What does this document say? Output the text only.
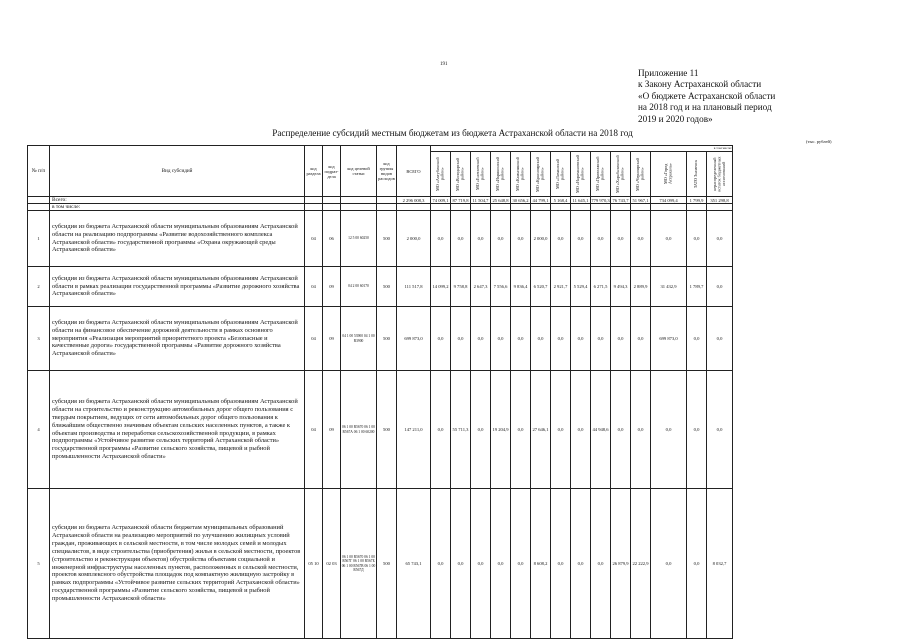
191
Приложение 11
к Закону Астраханской области
«О бюджете Астраханской области
на 2018 год и на плановый период
2019 и 2020 годов»
Распределение субсидий местным бюджетам из бюджета Астраханской области на 2018 год
(тыс. рублей)
№ п/п	Вид субсидий	код раздела	код подраз-дела	код целевой статьи	код группы видов расходов	ВСЕГО	в том числе:													

							МО «Ахтубинский район»	МО «Володарский район»	МО «Енотаевский район»	МО «Икрянинский район»	МО «Камызякский район»	МО «Красноярский район»	МО «Лиманский район»	МО «Наримановский район»	МО «Приволжский район»	МО «Харабалинский район»	МО «Черноярский район»	МО «Город Астрахань»	ЗАТО Знаменск	нераспределенный остаток бюджетных ассигнований

	Всего:					2 296 008,3	74 009,1	87 719,8	11 504,7	25 648,8	30 656,2	44 799,1	5 168,4	11 645,1	779 970,3	76 743,7	51 967,1	734 099,4	1 799,9	351 298,8
	в том числе:																			
1	субсидия из бюджета Астраханской области муниципальным образованиям Астраханской области на реализацию подпрограммы «Развитие водохозяйственного комплекса Астраханской области» государственной программы «Охрана окружающей среды Астраханской области»	04	06	12 5 00 60250	500	2 000,0	0,0	0,0	0,0	0,0	0,0	2 000,0	0,0	0,0	0,0	0,0	0,0	0,0	0,0	0,0
2	субсидия из бюджета Астраханской области муниципальным образованиям Астраханской области в рамках реализации государственной программы «Развитие дорожного хозяйства Астраханской области»	04	09	04 2 00 60170	500	111 517,8	14 099,2	9 758,8	2 647,3	7 556,6	9 836,4	6 520,7	2 921,7	5 529,4	6 271,5	9 494,3	2 889,9	31 432,9	1 789,7	0,0
3	субсидия из бюджета Астраханской области муниципальным образованиям Астраханской области на финансовое обеспечение дорожной деятельности в рамках основного мероприятия «Реализация мероприятий приоритетного проекта «Безопасные и качественные дороги» государственной программы «Развитие дорожного хозяйства Астраханской области»	04	09	04 1 00 53900 04 1 00 R3900	500	699 873,0	0,0	0,0	0,0	0,0	0,0	0,0	0,0	0,0	0,0	0,0	0,0	699 873,0	0,0	0,0
4	субсидия из бюджета Астраханской области муниципальным образованиям Астраханской области на строительство и реконструкцию автомобильных дорог общего пользования с твердым покрытием, ведущих от сети автомобильных дорог общего пользования к ближайшим общественно значимым объектам сельских населенных пунктов, а также к объектам производства и переработки сельскохозяйственной продукции, в рамках подпрограммы «Устойчивое развитие сельских территорий Астраханской области» государственной программы «Развитие сельского хозяйства, пищевой и рыбной промышленности Астраханской области»	04	09	06 1 00 R5670 06 1 00 R567А 06 1 00 60200	500	147 211,0	0,0	55 711,3	0,0	19 204,9	0,0	27 646,1	0,0	0,0	44 948,6	0,0	0,0	0,0	0,0	0,0
5	субсидия из бюджета Астраханской области бюджетам муниципальных образований Астраханской области на реализацию мероприятий по улучшению жилищных условий граждан, проживающих в сельской местности, в том числе молодых семей и молодых специалистов, в виде строительства (приобретения) жилья в сельской местности, проектов (строительство и реконструкция объектов) обустройства объектами социальной и инженерной инфраструктуры населенных пунктов, расположенных в сельской местности, проектов комплексного обустройства площадок под компактную жилищную застройку в рамках подпрограммы «Устойчивое развитие сельских территорий Астраханской области» государственной программы «Развитие сельского хозяйства, пищевой и рыбной промышленности Астраханской области»	05 10	02 03	06 1 00 R5670 06 1 00 R567Г 06 1 00 R567Б 06 1 00 R567В 06 1 00 R567Д	500	65 743,1	0,0	0,0	0,0	0,0	0,0	8 608,2	0,0	0,0	0,0	26 879,9	22 222,9	0,0	0,0	8 032,7
